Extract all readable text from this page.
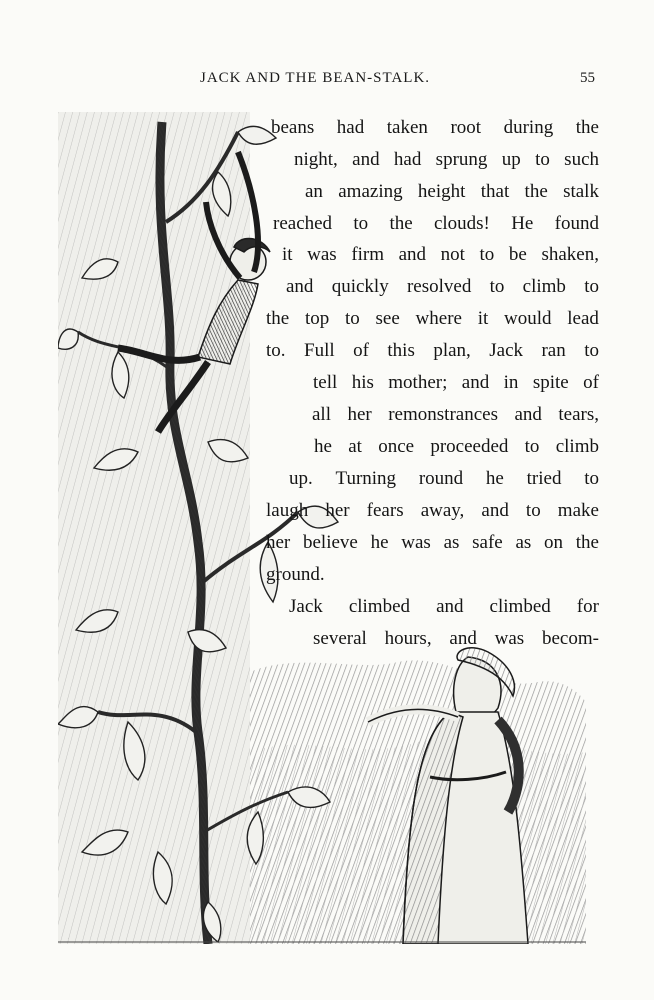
JACK AND THE BEAN-STALK.	55
beans had taken root during the
night, and had sprung up to such
an amazing height that the stalk
reached to the clouds! He found
it was firm and not to be shaken,
and quickly resolved to climb to
the top to see where it would lead
to. Full of this plan, Jack ran to
tell his mother; and in spite of
all her remonstrances and tears,
he at once proceeded to climb
up. Turning round he tried to
laugh her fears away, and to make
her believe he was as safe as on the
ground.
Jack climbed and climbed for
several hours, and was becom-
